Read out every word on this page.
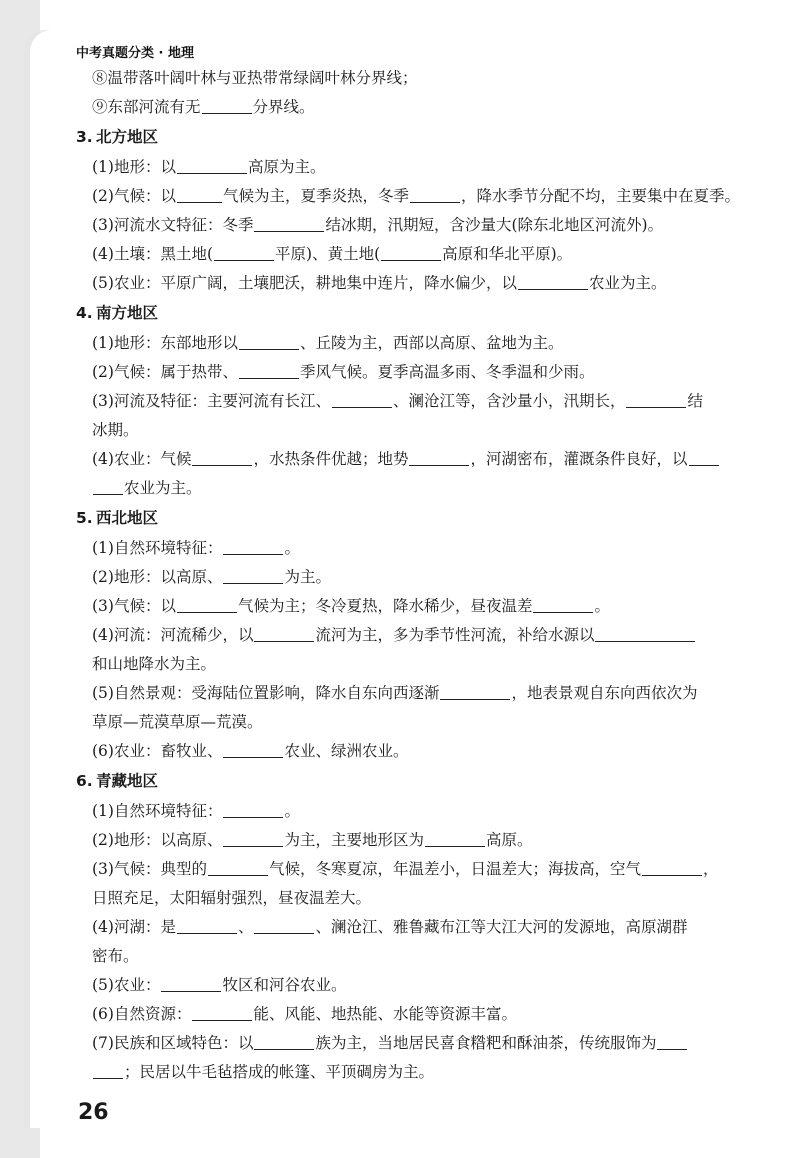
中考真题分类 · 地理
⑧温带落叶阔叶林与亚热带常绿阔叶林分界线；
⑨东部河流有无	分界线。
3. 北方地区
(1)地形：以	高原为主。
(2)气候：以	气候为主，夏季炎热，冬季	，降水季节分配不均，主要集中在夏季。
(3)河流水文特征：冬季	结冰期，汛期短，含沙量大(除东北地区河流外)。
(4)土壤：黑土地(	平原)、黄土地(	高原和华北平原)。
(5)农业：平原广阔，土壤肥沃，耕地集中连片，降水偏少，以	农业为主。
4. 南方地区
(1)地形：东部地形以	、丘陵为主，西部以高原、盆地为主。
(2)气候：属于热带、	季风气候。夏季高温多雨、冬季温和少雨。
(3)河流及特征：主要河流有长江、	、澜沧江等，含沙量小，汛期长，	结
冰期。
(4)农业：气候	，水热条件优越；地势	，河湖密布，灌溉条件良好，以
农业为主。
5. 西北地区
(1)自然环境特征：	。
(2)地形：以高原、	为主。
(3)气候：以	气候为主；冬冷夏热，降水稀少，昼夜温差	。
(4)河流：河流稀少，以	流河为主，多为季节性河流，补给水源以
和山地降水为主。
(5)自然景观：受海陆位置影响，降水自东向西逐渐	，地表景观自东向西依次为
草原—荒漠草原—荒漠。
(6)农业：畜牧业、	农业、绿洲农业。
6. 青藏地区
(1)自然环境特征：	。
(2)地形：以高原、	为主，主要地形区为	高原。
(3)气候：典型的	气候，冬寒夏凉，年温差小，日温差大；海拔高，空气	，
日照充足，太阳辐射强烈，昼夜温差大。
(4)河湖：是	、	、澜沧江、雅鲁藏布江等大江大河的发源地，高原湖群
密布。
(5)农业：	牧区和河谷农业。
(6)自然资源：	能、风能、地热能、水能等资源丰富。
(7)民族和区域特色：以	族为主，当地居民喜食糌粑和酥油茶，传统服饰为
；民居以牛毛毡搭成的帐篷、平顶碉房为主。
26
